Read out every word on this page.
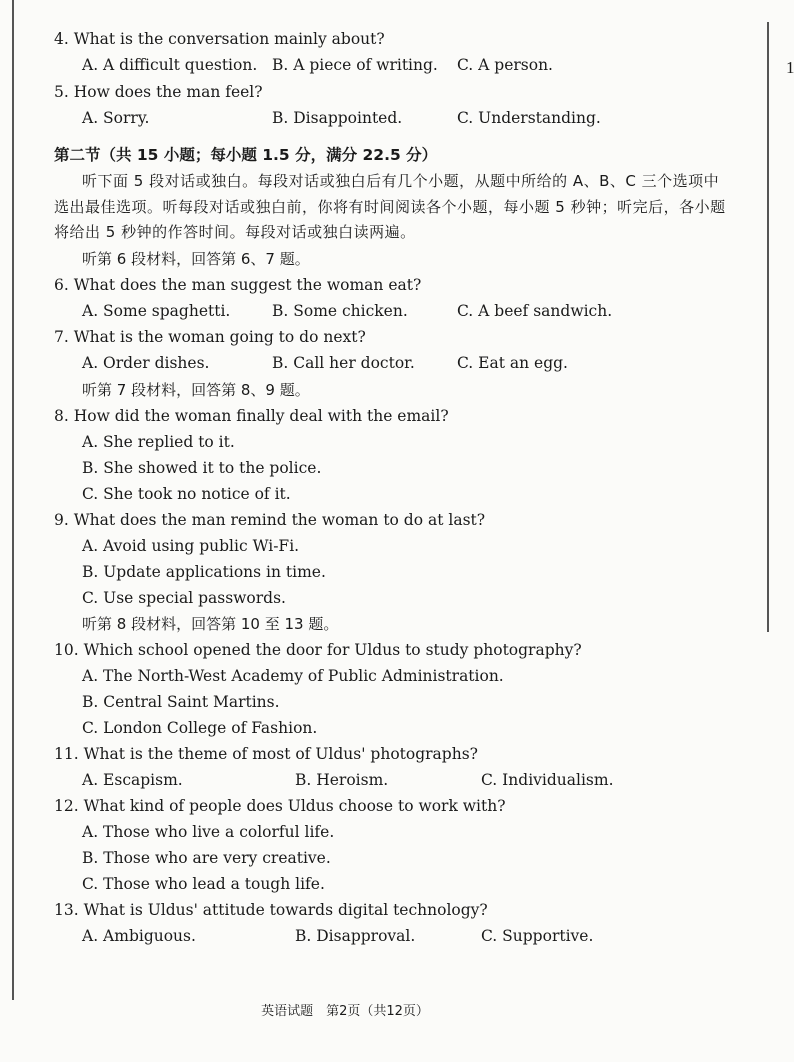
1
4. What is the conversation mainly about?
A. A difficult question. B. A piece of writing.	C. A person.
5. How does the man feel?
A. Sorry.	B. Disappointed.	C. Understanding.
第二节（共 15 小题；每小题 1.5 分，满分 22.5 分）
听下面 5 段对话或独白。每段对话或独白后有几个小题，从题中所给的 A、B、C 三个选项中选出最佳选项。听每段对话或独白前，你将有时间阅读各个小题，每小题 5 秒钟；听完后，各小题将给出 5 秒钟的作答时间。每段对话或独白读两遍。
听第 6 段材料，回答第 6、7 题。
6. What does the man suggest the woman eat?
A. Some spaghetti.	B. Some chicken.	C. A beef sandwich.
7. What is the woman going to do next?
A. Order dishes.	B. Call her doctor.	C. Eat an egg.
听第 7 段材料，回答第 8、9 题。
8. How did the woman finally deal with the email?
A. She replied to it.
B. She showed it to the police.
C. She took no notice of it.
9. What does the man remind the woman to do at last?
A. Avoid using public Wi-Fi.
B. Update applications in time.
C. Use special passwords.
听第 8 段材料，回答第 10 至 13 题。
10. Which school opened the door for Uldus to study photography?
A. The North-West Academy of Public Administration.
B. Central Saint Martins.
C. London College of Fashion.
11. What is the theme of most of Uldus' photographs?
A. Escapism.	B. Heroism.	C. Individualism.
12. What kind of people does Uldus choose to work with?
A. Those who live a colorful life.
B. Those who are very creative.
C. Those who lead a tough life.
13. What is Uldus' attitude towards digital technology?
A. Ambiguous.	B. Disapproval.	C. Supportive.
英语试题　第2页（共12页）
